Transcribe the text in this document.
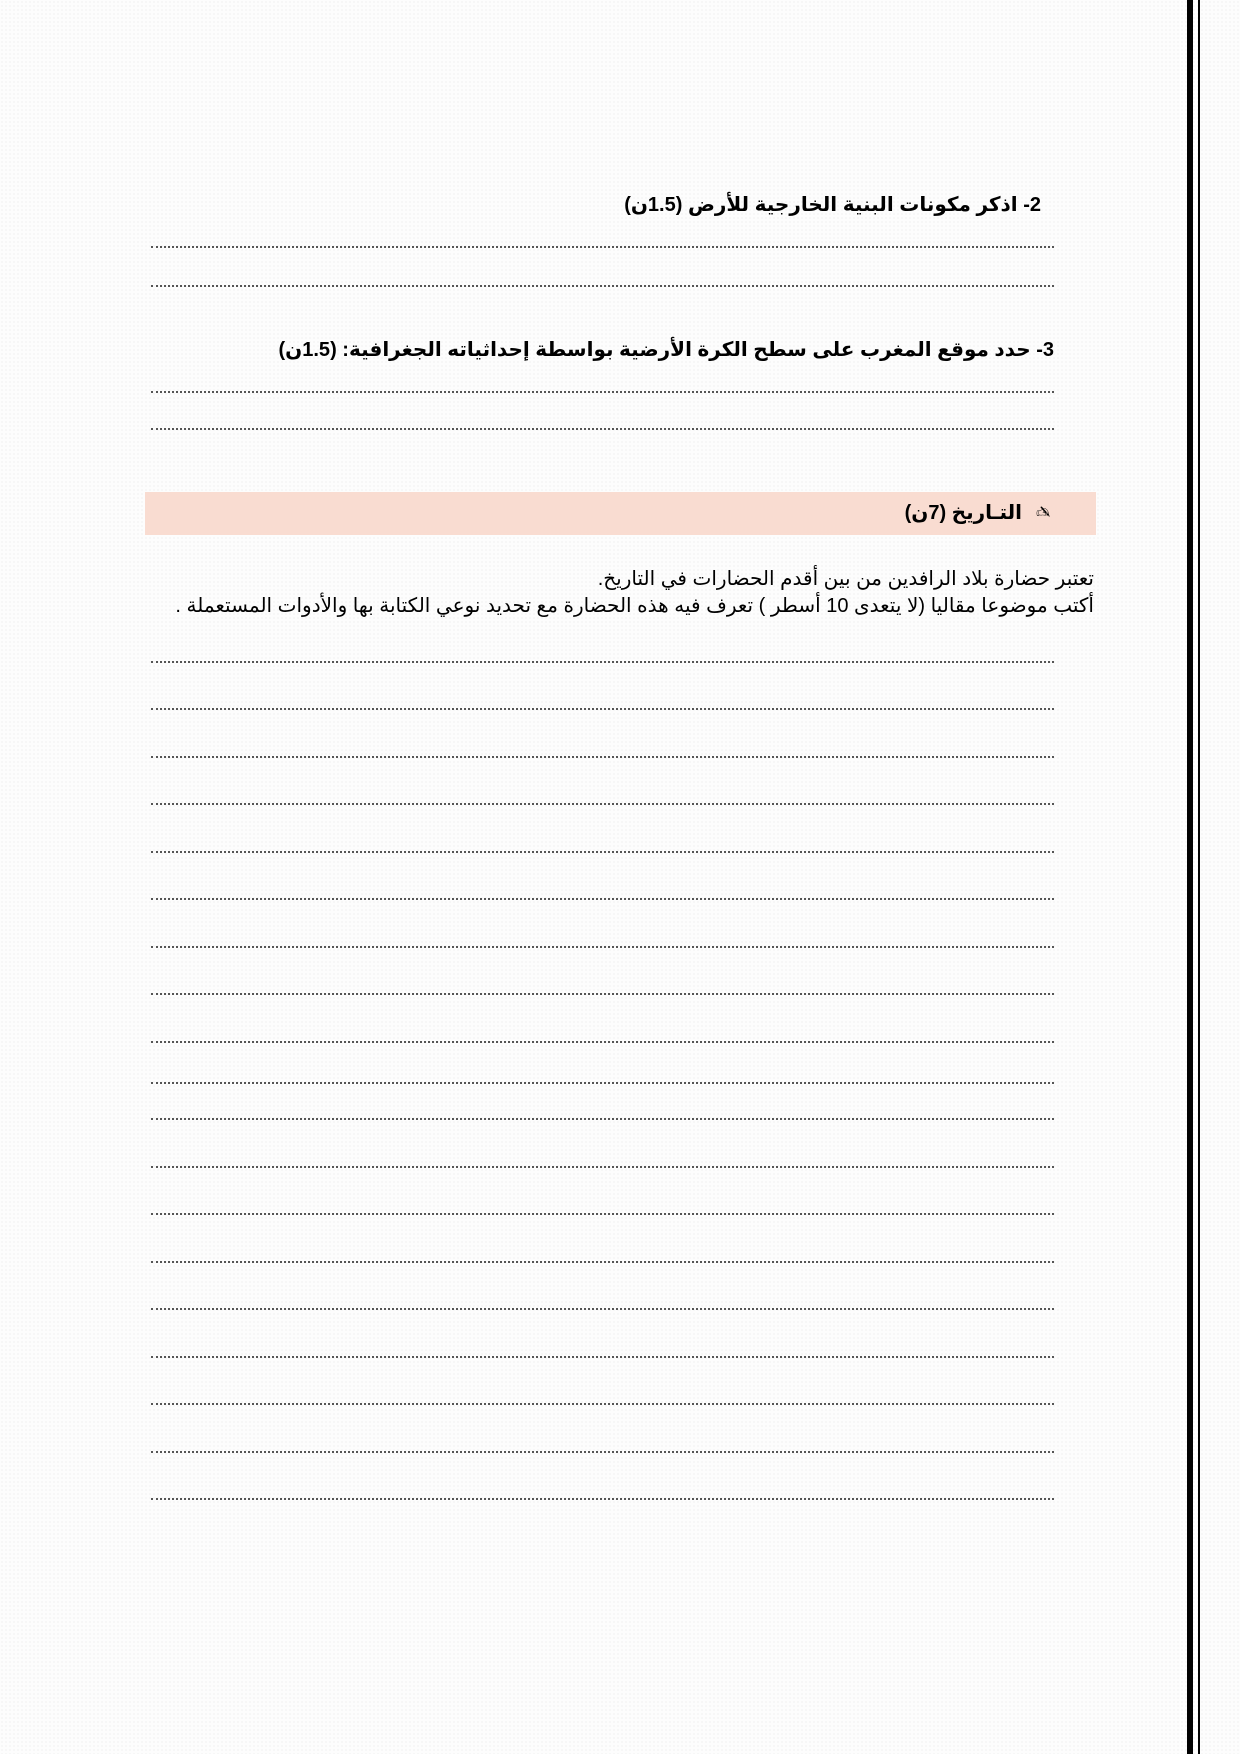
2- اذكر مكونات البنية الخارجية للأرض (1.5ن)
3- حدد موقع المغرب على سطح الكرة الأرضية بواسطة إحداثياته الجغرافية: (1.5ن)
✍
التـاريخ (7ن)
تعتبر حضارة بلاد الرافدين من بين أقدم الحضارات في التاريخ.
أكتب موضوعا مقاليا (لا يتعدى 10 أسطر ) تعرف فيه هذه الحضارة مع تحديد نوعي الكتابة بها والأدوات المستعملة .
